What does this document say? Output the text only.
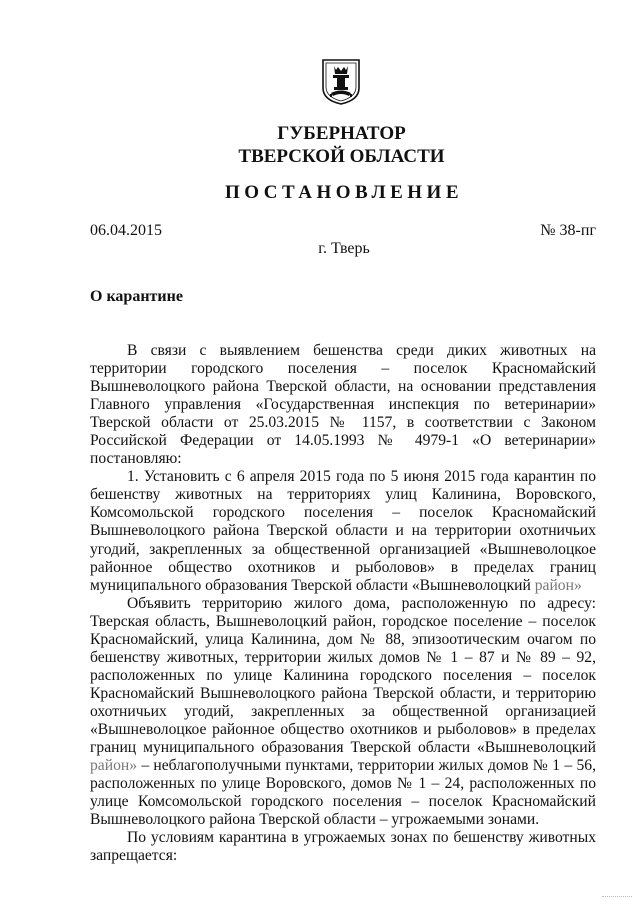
ГУБЕРНАТОР
ТВЕРСКОЙ ОБЛАСТИ
ПОСТАНОВЛЕНИЕ
06.04.2015	№ 38-пг
г. Тверь
О карантине

В связи с выявлением бешенства среди диких животных на территории городского поселения – поселок Красномайский Вышневолоцкого района Тверской области, на основании представления Главного управления «Государственная инспекция по ветеринарии» Тверской области от 25.03.2015 № 1157, в соответствии с Законом Российской Федерации от 14.05.1993 № 4979-1 «О ветеринарии» постановляю:

1. Установить с 6 апреля 2015 года по 5 июня 2015 года карантин по бешенству животных на территориях улиц Калинина, Воровского, Комсомольской городского поселения – поселок Красномайский Вышневолоцкого района Тверской области и на территории охотничьих угодий, закрепленных за общественной организацией «Вышневолоцкое районное общество охотников и рыболовов» в пределах границ муниципального образования Тверской области «Вышневолоцкий район»

Объявить территорию жилого дома, расположенную по адресу: Тверская область, Вышневолоцкий район, городское поселение – поселок Красномайский, улица Калинина, дом № 88, эпизоотическим очагом по бешенству животных, территории жилых домов № 1 – 87 и № 89 – 92, расположенных по улице Калинина городского поселения – поселок Красномайский Вышневолоцкого района Тверской области, и территорию охотничьих угодий, закрепленных за общественной организацией «Вышневолоцкое районное общество охотников и рыболовов» в пределах границ муниципального образования Тверской области «Вышневолоцкий район» – неблагополучными пунктами, территории жилых домов № 1 – 56, расположенных по улице Воровского, домов № 1 – 24, расположенных по улице Комсомольской городского поселения – поселок Красномайский Вышневолоцкого района Тверской области – угрожаемыми зонами.

По условиям карантина в угрожаемых зонах по бешенству животных запрещается:
